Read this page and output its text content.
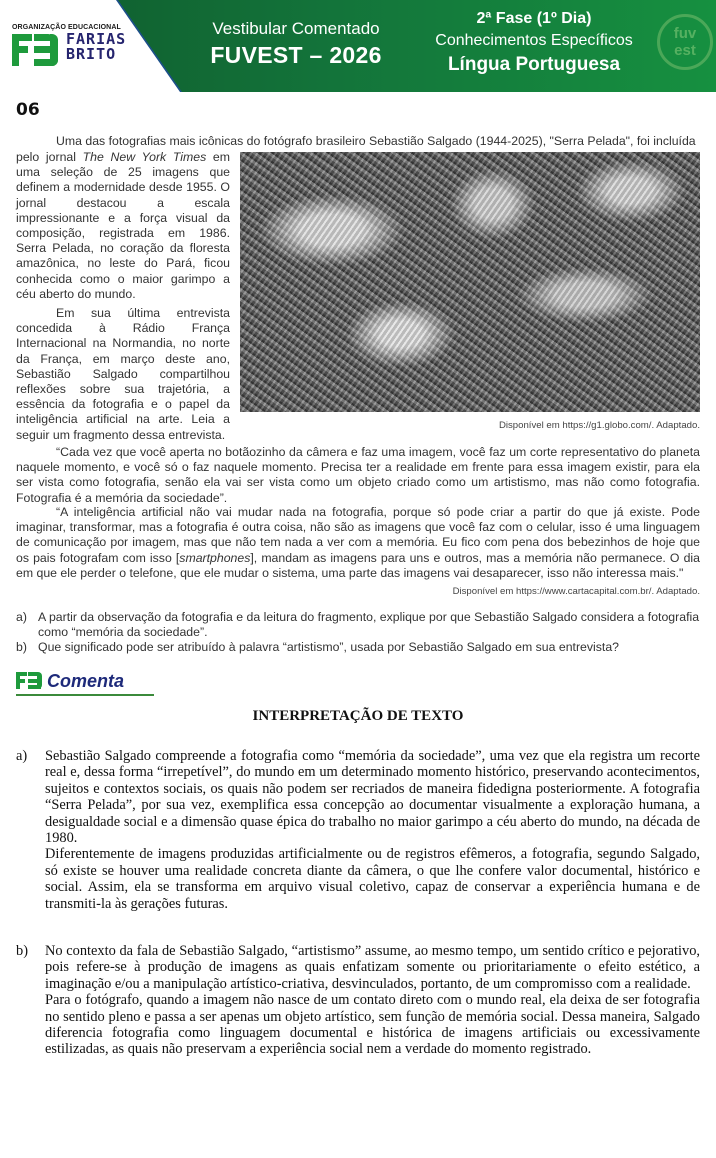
ORGANIZAÇÃO EDUCACIONAL
FARIAS
BRITO
Vestibular Comentado
FUVEST – 2026
2ª Fase (1º Dia)
Conhecimentos Específicos
Língua Portuguesa
fuv
est
06
Uma das fotografias mais icônicas do fotógrafo brasileiro Sebastião Salgado (1944-2025), "Serra Pelada", foi incluída

pelo jornal The New York Times em uma seleção de 25 imagens que definem a modernidade desde 1955. O jornal destacou a escala impressionante e a força visual da composição, registrada em 1986. Serra Pelada, no coração da floresta amazônica, no leste do Pará, ficou conhecida como o maior garimpo a céu aberto do mundo.

Em sua última entrevista concedida à Rádio França Internacional na Normandia, no norte da França, em março deste ano, Sebastião Salgado compartilhou reflexões sobre sua trajetória, a essência da fotografia e o papel da inteligência artificial na arte. Leia a seguir um fragmento dessa entrevista.

Disponível em https://g1.globo.com/. Adaptado.

“Cada vez que você aperta no botãozinho da câmera e faz uma imagem, você faz um corte representativo do planeta naquele momento, e você só o faz naquele momento. Precisa ter a realidade em frente para essa imagem existir, para ela ser vista como fotografia, senão ela vai ser vista como um objeto criado como um artistismo, mas não como fotografia. Fotografia é a memória da sociedade”.

“A inteligência artificial não vai mudar nada na fotografia, porque só pode criar a partir do que já existe. Pode imaginar, transformar, mas a fotografia é outra coisa, não são as imagens que você faz com o celular, isso é uma linguagem de comunicação por imagem, mas que não tem nada a ver com a memória. Eu fico com pena dos bebezinhos de hoje que os pais fotografam com isso [smartphones], mandam as imagens para uns e outros, mas a memória não permanece. O dia em que ele perder o telefone, que ele mudar o sistema, uma parte das imagens vai desaparecer, isso não interessa mais."

Disponível em https://www.cartacapital.com.br/. Adaptado.
a) A partir da observação da fotografia e da leitura do fragmento, explique por que Sebastião Salgado considera a fotografia como “memória da sociedade”.
b) Que significado pode ser atribuído à palavra “artistismo”, usada por Sebastião Salgado em sua entrevista?
Comenta
INTERPRETAÇÃO DE TEXTO
a) Sebastião Salgado compreende a fotografia como “memória da sociedade”, uma vez que ela registra um recorte real e, dessa forma “irrepetível”, do mundo em um determinado momento histórico, preservando acontecimentos, sujeitos e contextos sociais, os quais não podem ser recriados de maneira fidedigna posteriormente. A fotografia “Serra Pelada”, por sua vez, exemplifica essa concepção ao documentar visualmente a exploração humana, a desigualdade social e a dimensão quase épica do trabalho no maior garimpo a céu aberto do mundo, na década de 1980.

Diferentemente de imagens produzidas artificialmente ou de registros efêmeros, a fotografia, segundo Salgado, só existe se houver uma realidade concreta diante da câmera, o que lhe confere valor documental, histórico e social. Assim, ela se transforma em arquivo visual coletivo, capaz de conservar a experiência humana e de transmiti-la às gerações futuras.

b) No contexto da fala de Sebastião Salgado, “artistismo” assume, ao mesmo tempo, um sentido crítico e pejorativo, pois refere-se à produção de imagens as quais enfatizam somente ou prioritariamente o efeito estético, a imaginação e/ou a manipulação artístico-criativa, desvinculados, portanto, de um compromisso com a realidade.

Para o fotógrafo, quando a imagem não nasce de um contato direto com o mundo real, ela deixa de ser fotografia no sentido pleno e passa a ser apenas um objeto artístico, sem função de memória social. Dessa maneira, Salgado diferencia fotografia como linguagem documental e histórica de imagens artificiais ou excessivamente estilizadas, as quais não preservam a experiência social nem a verdade do momento registrado.
